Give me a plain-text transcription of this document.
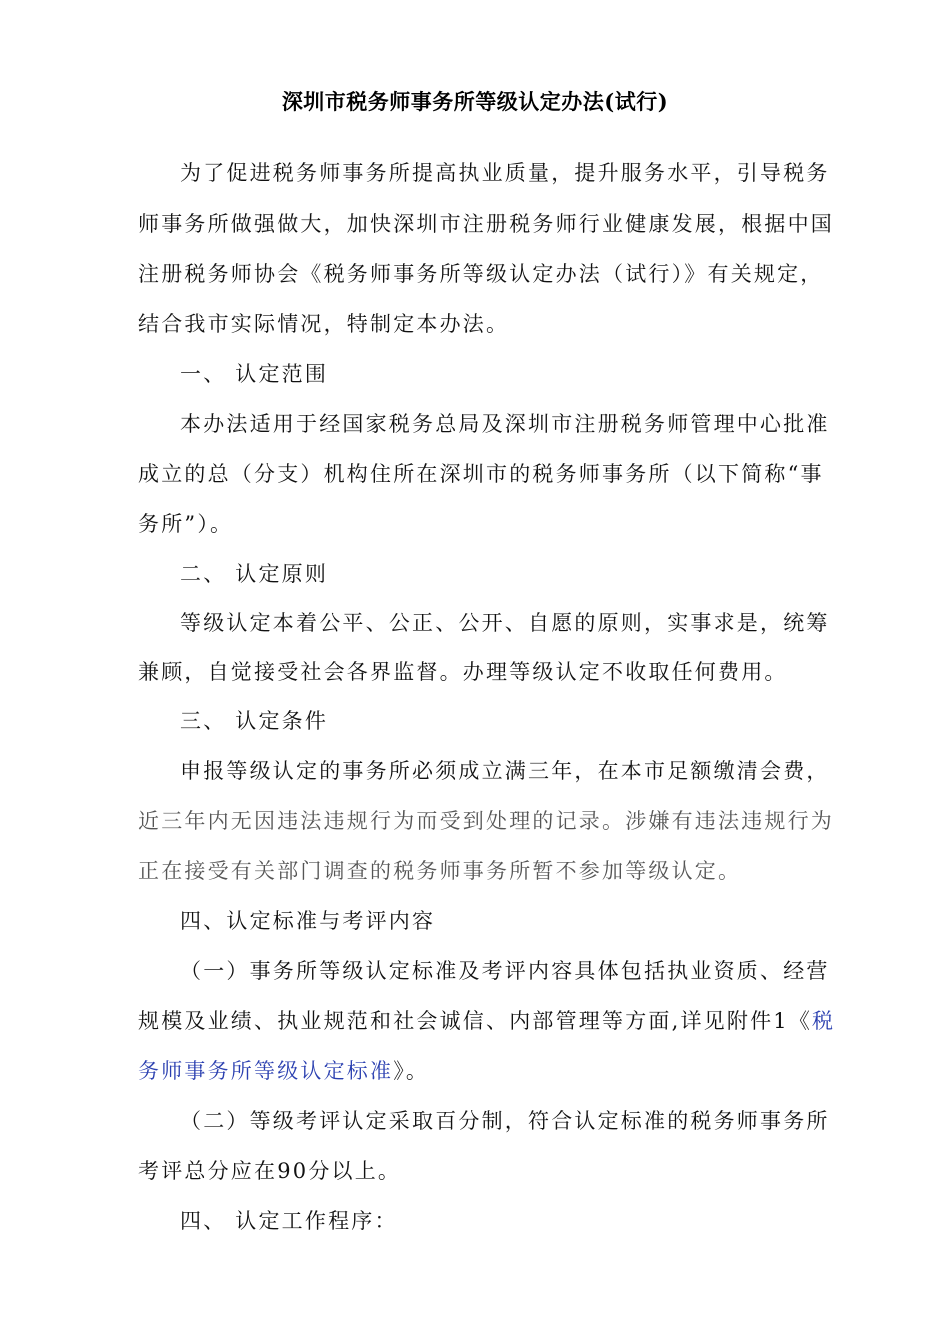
深圳市税务师事务所等级认定办法(试行)
为了促进税务师事务所提高执业质量，提升服务水平，引导税务
师事务所做强做大，加快深圳市注册税务师行业健康发展，根据中国
注册税务师协会《税务师事务所等级认定办法（试行）》有关规定，
结合我市实际情况，特制定本办法。
一、 认定范围
本办法适用于经国家税务总局及深圳市注册税务师管理中心批准
成立的总（分支）机构住所在深圳市的税务师事务所（以下简称“事
务所”）。
二、 认定原则
等级认定本着公平、公正、公开、自愿的原则，实事求是，统筹
兼顾，自觉接受社会各界监督。办理等级认定不收取任何费用。
三、 认定条件
申报等级认定的事务所必须成立满三年，在本市足额缴清会费，
近三年内无因违法违规行为而受到处理的记录。涉嫌有违法违规行为
正在接受有关部门调查的税务师事务所暂不参加等级认定。
四、认定标准与考评内容
（一）事务所等级认定标准及考评内容具体包括执业资质、经营
规模及业绩、执业规范和社会诚信、内部管理等方面,详见附件1《税
务师事务所等级认定标准》。
（二）等级考评认定采取百分制，符合认定标准的税务师事务所
考评总分应在90分以上。
四、 认定工作程序：
